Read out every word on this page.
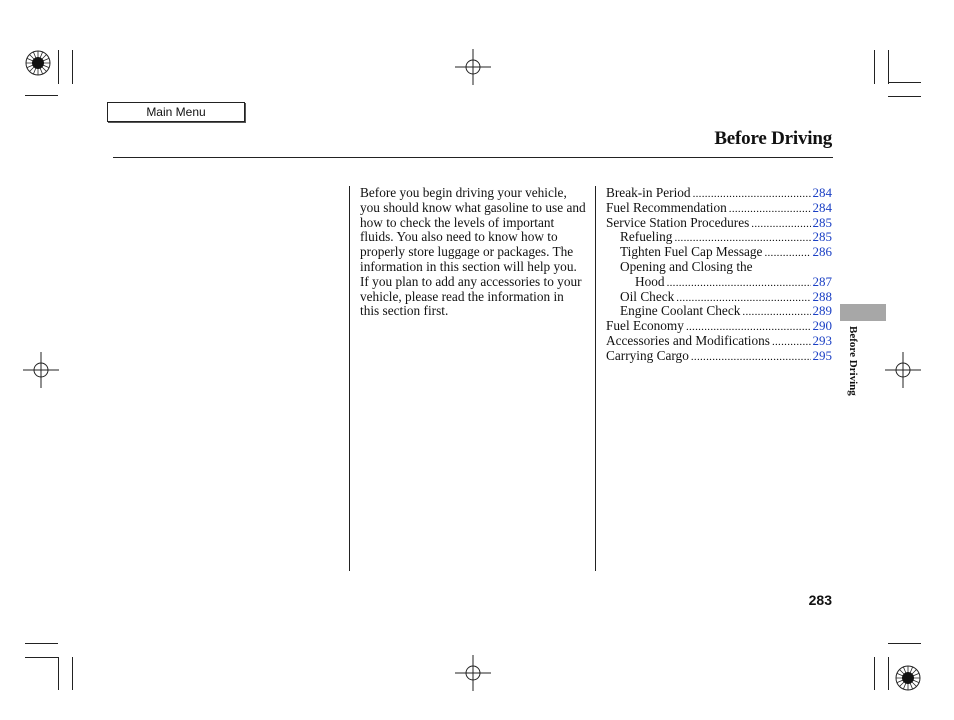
Main Menu
Before Driving

Before you begin driving your vehicle, you should know what gasoline to use and how to check the levels of important fluids. You also need to know how to properly store luggage or packages. The information in this section will help you. If you plan to add any accessories to your vehicle, please read the information in this section first.

Break-in Period .....	284
Fuel Recommendation .....	284
Service Station Procedures .....	285
Refueling .....	285
Tighten Fuel Cap Message .....	286
Opening and Closing the
Hood .....	287
Oil Check .....	288
Engine Coolant Check .....	289
Fuel Economy .....	290
Accessories and Modifications .....	293
Carrying Cargo .....	295 Before Driving
283
